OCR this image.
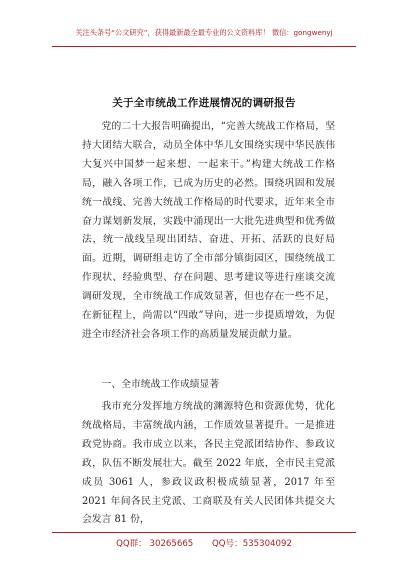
关注头条号“公文研究”，获得最新最全最专业的公文资料库！ 微信：gongwenyj
关于全市统战工作进展情况的调研报告
党的二十大报告明确提出，“完善大统战工作格局，坚持大团结大联合，动员全体中华儿女围绕实现中华民族伟大复兴中国梦一起来想、一起来干。”构建大统战工作格局，融入各项工作，已成为历史的必然。围绕巩固和发展统一战线、完善大统战工作格局的时代要求，近年来全市奋力谋划新发展，实践中涌现出一大批先进典型和优秀做法，统一战线呈现出团结、奋进、开拓、活跃的良好局面。近期，调研组走访了全市部分镇街园区，围绕统战工作现状、经验典型、存在问题、思考建议等进行座谈交流调研发现，全市统战工作成效显著，但也存在一些不足，在新征程上，尚需以“四敢”导向，进一步提质增效，为促进全市经济社会各项工作的高质量发展贡献力量。
一、全市统战工作成绩显著
我市充分发挥地方统战的渊源特色和资源优势，优化统战格局，丰富统战内涵，工作质效显著提升。一是推进政党协商。我市成立以来，各民主党派团结协作、参政议政，队伍不断发展壮大。截至 2022 年底，全市民主党派成员 3061 人，参政议政积极成绩显著，2017 年至 2021 年间各民主党派、工商联及有关人民团体共提交大会发言 81 份，
QQ群： 30265665 QQ号：535304092
